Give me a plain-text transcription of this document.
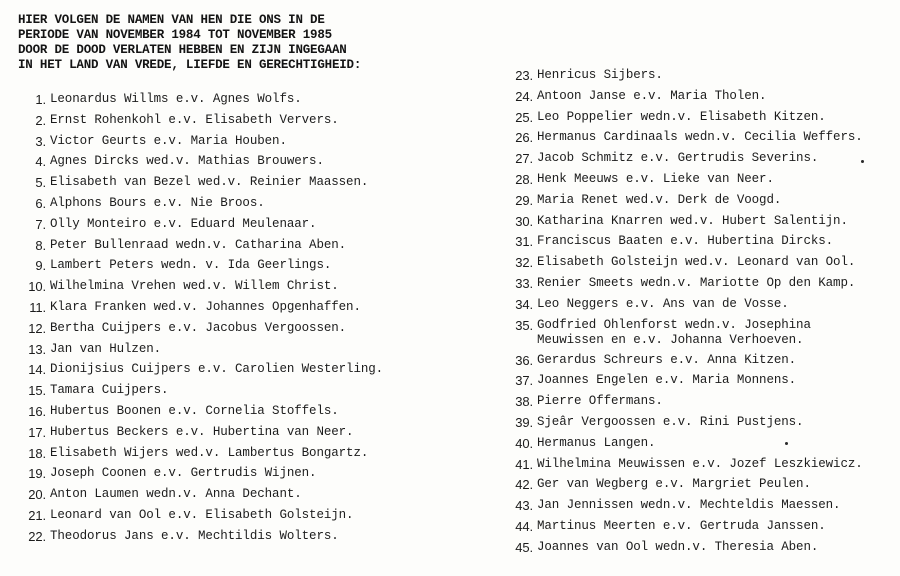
HIER VOLGEN DE NAMEN VAN HEN DIE ONS IN DE
PERIODE VAN NOVEMBER 1984 TOT NOVEMBER 1985
DOOR DE DOOD VERLATEN HEBBEN EN ZIJN INGEGAAN
IN HET LAND VAN VREDE, LIEFDE EN GERECHTIGHEID:
1. Leonardus Willms e.v. Agnes Wolfs.
2. Ernst Rohenkohl e.v. Elisabeth Ververs.
3. Victor Geurts e.v. Maria Houben.
4. Agnes Dircks wed.v. Mathias Brouwers.
5. Elisabeth van Bezel wed.v. Reinier Maassen.
6. Alphons Bours e.v. Nie Broos.
7. Olly Monteiro e.v. Eduard Meulenaar.
8. Peter Bullenraad wedn.v. Catharina Aben.
9. Lambert Peters wedn. v. Ida Geerlings.
10. Wilhelmina Vrehen wed.v. Willem Christ.
11. Klara Franken wed.v. Johannes Opgenhaffen.
12. Bertha Cuijpers e.v. Jacobus Vergoossen.
13. Jan van Hulzen.
14. Dionijsius Cuijpers e.v. Carolien Westerling.
15. Tamara Cuijpers.
16. Hubertus Boonen e.v. Cornelia Stoffels.
17. Hubertus Beckers e.v. Hubertina van Neer.
18. Elisabeth Wijers wed.v. Lambertus Bongartz.
19. Joseph Coonen e.v. Gertrudis Wijnen.
20. Anton Laumen wedn.v. Anna Dechant.
21. Leonard van Ool e.v. Elisabeth Golsteijn.
22. Theodorus Jans e.v. Mechtildis Wolters.
23. Henricus Sijbers.
24. Antoon Janse e.v. Maria Tholen.
25. Leo Poppelier wedn.v. Elisabeth Kitzen.
26. Hermanus Cardinaals wedn.v. Cecilia Weffers.
27. Jacob Schmitz e.v. Gertrudis Severins.
28. Henk Meeuws e.v. Lieke van Neer.
29. Maria Renet wed.v. Derk de Voogd.
30. Katharina Knarren wed.v. Hubert Salentijn.
31. Franciscus Baaten e.v. Hubertina Dircks.
32. Elisabeth Golsteijn wed.v. Leonard van Ool.
33. Renier Smeets wedn.v. Mariotte Op den Kamp.
34. Leo Neggers e.v. Ans van de Vosse.
35. Godfried Ohlenforst wedn.v. Josephina
Meuwissen en e.v. Johanna Verhoeven.
36. Gerardus Schreurs e.v. Anna Kitzen.
37. Joannes Engelen e.v. Maria Monnens.
38. Pierre Offermans.
39. Sjeâr Vergoossen e.v. Rini Pustjens.
40. Hermanus Langen.
41. Wilhelmina Meuwissen e.v. Jozef Leszkiewicz.
42. Ger van Wegberg e.v. Margriet Peulen.
43. Jan Jennissen wedn.v. Mechteldis Maessen.
44. Martinus Meerten e.v. Gertruda Janssen.
45. Joannes van Ool wedn.v. Theresia Aben.
